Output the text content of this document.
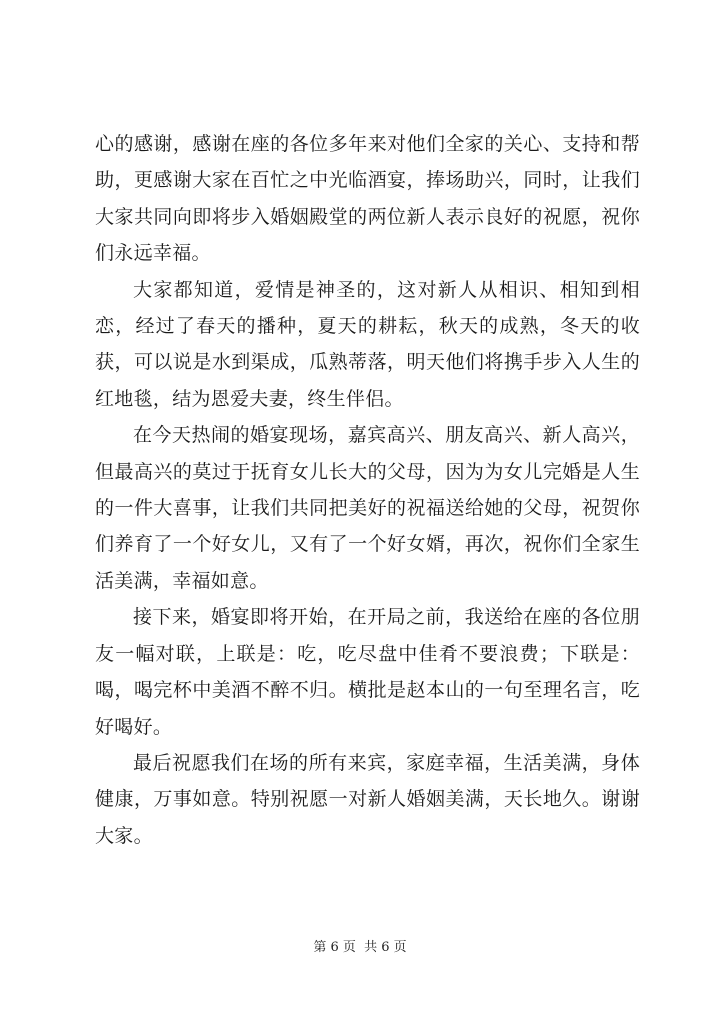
心的感谢，感谢在座的各位多年来对他们全家的关心、支持和帮助，更感谢大家在百忙之中光临酒宴，捧场助兴，同时，让我们大家共同向即将步入婚姻殿堂的两位新人表示良好的祝愿，祝你们永远幸福。

大家都知道，爱情是神圣的，这对新人从相识、相知到相恋，经过了春天的播种，夏天的耕耘，秋天的成熟，冬天的收获，可以说是水到渠成，瓜熟蒂落，明天他们将携手步入人生的红地毯，结为恩爱夫妻，终生伴侣。

在今天热闹的婚宴现场，嘉宾高兴、朋友高兴、新人高兴，但最高兴的莫过于抚育女儿长大的父母，因为为女儿完婚是人生的一件大喜事，让我们共同把美好的祝福送给她的父母，祝贺你们养育了一个好女儿，又有了一个好女婿，再次，祝你们全家生活美满，幸福如意。

接下来，婚宴即将开始，在开局之前，我送给在座的各位朋友一幅对联，上联是：吃，吃尽盘中佳肴不要浪费；下联是：喝，喝完杯中美酒不醉不归。横批是赵本山的一句至理名言，吃好喝好。

最后祝愿我们在场的所有来宾，家庭幸福，生活美满，身体健康，万事如意。特别祝愿一对新人婚姻美满，天长地久。谢谢大家。

第 6 页 共 6 页
